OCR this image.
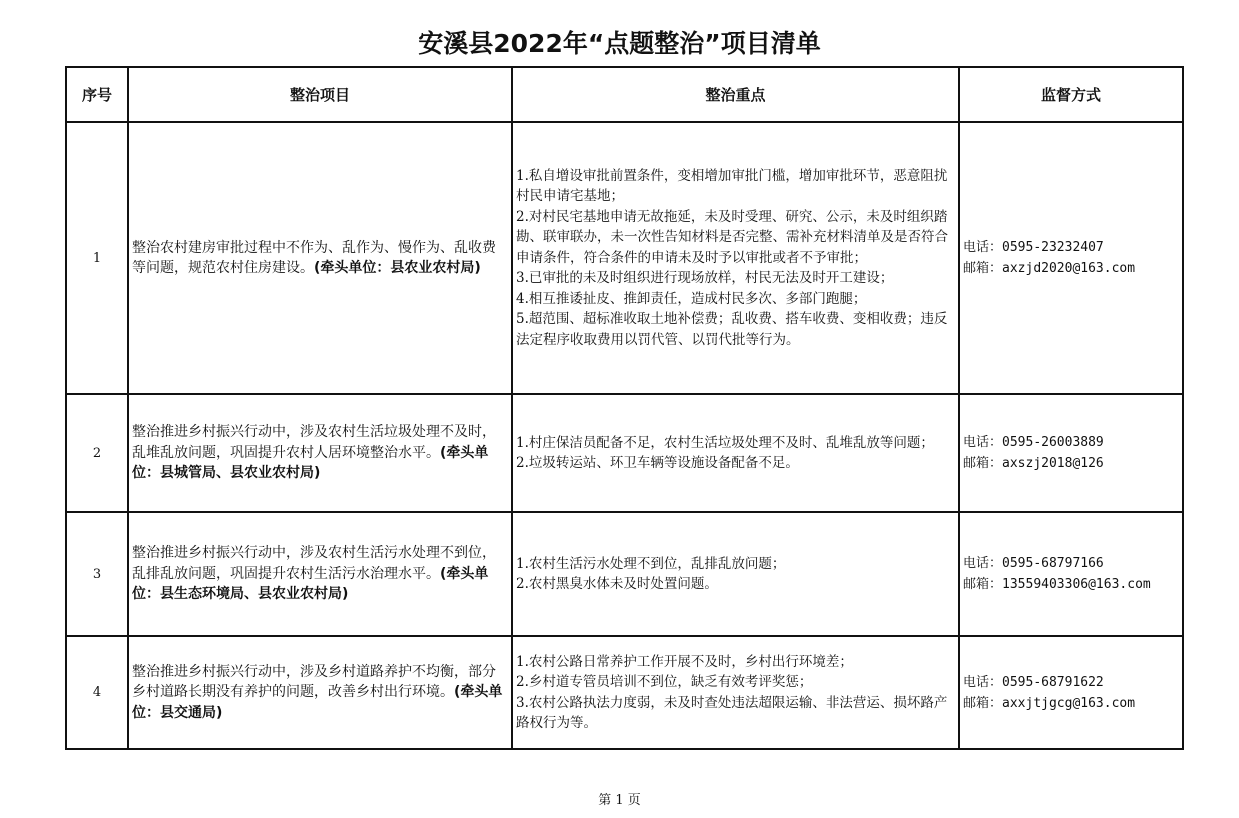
安溪县2022年“点题整治”项目清单
序号	整治项目	整治重点	监督方式
1	整治农村建房审批过程中不作为、乱作为、慢作为、乱收费等问题，规范农村住房建设。(牵头单位：县农业农村局)	1.私自增设审批前置条件，变相增加审批门槛，增加审批环节，恶意阻扰村民申请宅基地；
2.对村民宅基地申请无故拖延，未及时受理、研究、公示，未及时组织踏勘、联审联办，未一次性告知材料是否完整、需补充材料清单及是否符合申请条件，符合条件的申请未及时予以审批或者不予审批；
3.已审批的未及时组织进行现场放样，村民无法及时开工建设；
4.相互推诿扯皮、推卸责任，造成村民多次、多部门跑腿；
5.超范围、超标准收取土地补偿费；乱收费、搭车收费、变相收费；违反法定程序收取费用以罚代管、以罚代批等行为。	电话：0595-23232407
邮箱：axzjd2020@163.com

2	整治推进乡村振兴行动中，涉及农村生活垃圾处理不及时，乱堆乱放问题，巩固提升农村人居环境整治水平。(牵头单位：县城管局、县农业农村局)	1.村庄保洁员配备不足，农村生活垃圾处理不及时、乱堆乱放等问题；
2.垃圾转运站、环卫车辆等设施设备配备不足。	电话：0595-26003889
邮箱：axszj2018@126

3	整治推进乡村振兴行动中，涉及农村生活污水处理不到位，乱排乱放问题，巩固提升农村生活污水治理水平。(牵头单位：县生态环境局、县农业农村局)	1.农村生活污水处理不到位，乱排乱放问题；
2.农村黑臭水体未及时处置问题。	电话：0595-68797166
邮箱：13559403306@163.com

4	整治推进乡村振兴行动中，涉及乡村道路养护不均衡，部分乡村道路长期没有养护的问题，改善乡村出行环境。(牵头单位：县交通局)	1.农村公路日常养护工作开展不及时，乡村出行环境差；
2.乡村道专管员培训不到位，缺乏有效考评奖惩；
3.农村公路执法力度弱，未及时查处违法超限运输、非法营运、损坏路产路权行为等。	电话：0595-68791622
邮箱：axxjtjgcg@163.com
第 1 页
